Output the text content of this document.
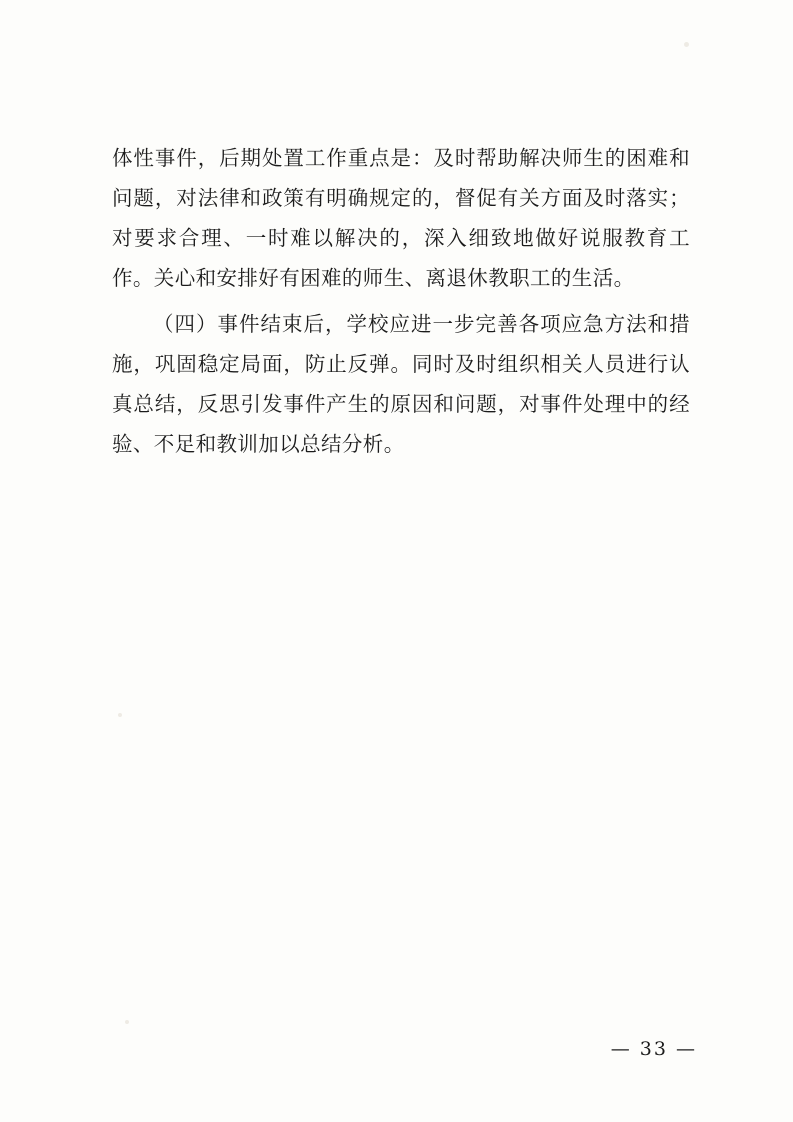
体性事件，后期处置工作重点是：及时帮助解决师生的困难和问题，对法律和政策有明确规定的，督促有关方面及时落实；对要求合理、一时难以解决的，深入细致地做好说服教育工作。关心和安排好有困难的师生、离退休教职工的生活。

（四）事件结束后，学校应进一步完善各项应急方法和措施，巩固稳定局面，防止反弹。同时及时组织相关人员进行认真总结，反思引发事件产生的原因和问题，对事件处理中的经验、不足和教训加以总结分析。

— 33 —
